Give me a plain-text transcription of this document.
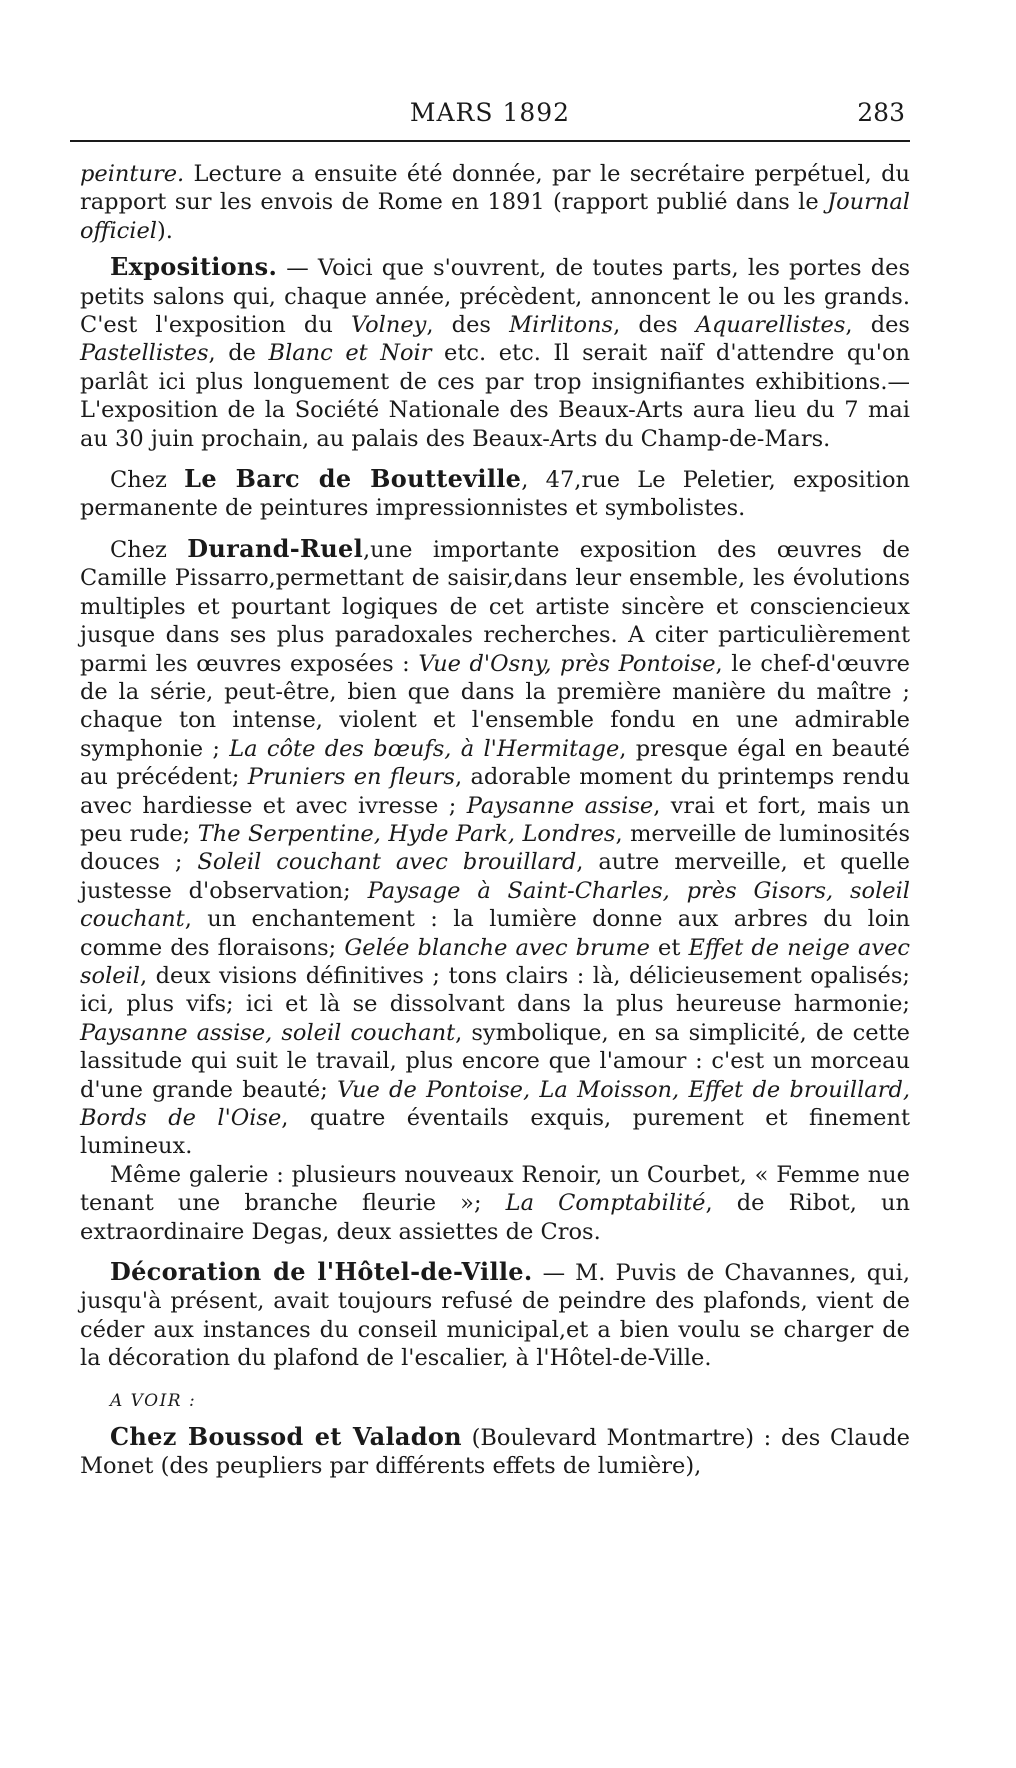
MARS 1892	283

peinture. Lecture a ensuite été donnée, par le secrétaire perpétuel, du rapport sur les envois de Rome en 1891 (rapport publié dans le Journal officiel).

Expositions. — Voici que s'ouvrent, de toutes parts, les portes des petits salons qui, chaque année, précèdent, annoncent le ou les grands. C'est l'exposition du Volney, des Mirlitons, des Aquarellistes, des Pastellistes, de Blanc et Noir etc. etc. Il serait naïf d'attendre qu'on parlât ici plus longuement de ces par trop insignifiantes exhibitions.— L'exposition de la Société Nationale des Beaux-Arts aura lieu du 7 mai au 30 juin prochain, au palais des Beaux-Arts du Champ-de-Mars.

Chez Le Barc de Boutteville, 47,rue Le Peletier, exposition permanente de peintures impressionnistes et symbolistes.

Chez Durand-Ruel,une importante exposition des œuvres de Camille Pissarro,permettant de saisir,dans leur ensemble, les évolutions multiples et pourtant logiques de cet artiste sincère et consciencieux jusque dans ses plus paradoxales recherches. A citer particulièrement parmi les œuvres exposées : Vue d'Osny, près Pontoise, le chef-d'œuvre de la série, peut-être, bien que dans la première manière du maître ; chaque ton intense, violent et l'ensemble fondu en une admirable symphonie ; La côte des bœufs, à l'Hermitage, presque égal en beauté au précédent; Pruniers en fleurs, adorable moment du printemps rendu avec hardiesse et avec ivresse ; Paysanne assise, vrai et fort, mais un peu rude; The Serpentine, Hyde Park, Londres, merveille de luminosités douces ; Soleil couchant avec brouillard, autre merveille, et quelle justesse d'observation; Paysage à Saint-Charles, près Gisors, soleil couchant, un enchantement : la lumière donne aux arbres du loin comme des floraisons; Gelée blanche avec brume et Effet de neige avec soleil, deux visions définitives ; tons clairs : là, délicieusement opalisés; ici, plus vifs; ici et là se dissolvant dans la plus heureuse harmonie; Paysanne assise, soleil couchant, symbolique, en sa simplicité, de cette lassitude qui suit le travail, plus encore que l'amour : c'est un morceau d'une grande beauté; Vue de Pontoise, La Moisson, Effet de brouillard, Bords de l'Oise, quatre éventails exquis, purement et finement lumineux.

Même galerie : plusieurs nouveaux Renoir, un Courbet, « Femme nue tenant une branche fleurie »; La Comptabilité, de Ribot, un extraordinaire Degas, deux assiettes de Cros.

Décoration de l'Hôtel-de-Ville. — M. Puvis de Chavannes, qui, jusqu'à présent, avait toujours refusé de peindre des plafonds, vient de céder aux instances du conseil municipal,et a bien voulu se charger de la décoration du plafond de l'escalier, à l'Hôtel-de-Ville.

A VOIR :

Chez Boussod et Valadon (Boulevard Montmartre) : des Claude Monet (des peupliers par différents effets de lumière),
